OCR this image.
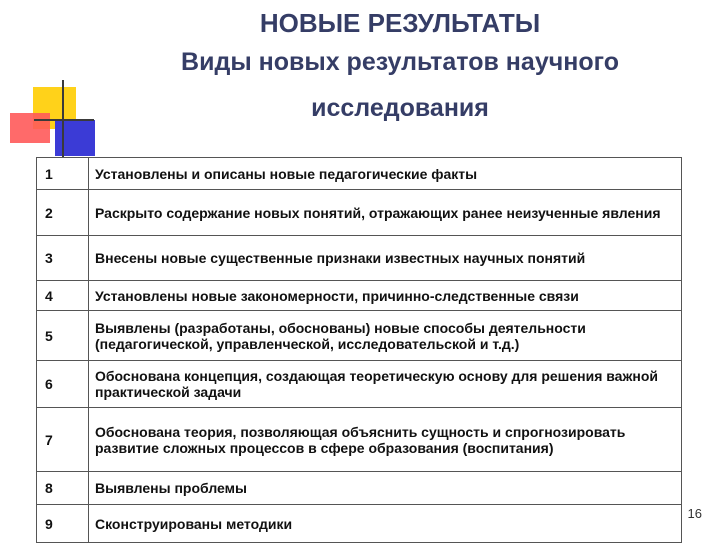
НОВЫЕ РЕЗУЛЬТАТЫ
Виды новых результатов научного
исследования
1	Установлены и описаны новые педагогические факты
2	Раскрыто содержание новых понятий, отражающих ранее неизученные явления
3	Внесены новые существенные признаки известных научных понятий
4	Установлены новые закономерности, причинно-следственные связи
5	Выявлены (разработаны, обоснованы) новые способы деятельности (педагогической, управленческой, исследовательской и т.д.)
6	Обоснована концепция, создающая теоретическую основу для решения важной практической задачи
7	Обоснована теория, позволяющая объяснить сущность и спрогнозировать развитие сложных процессов в сфере образования (воспитания)
8	Выявлены проблемы
9	Сконструированы методики
16
